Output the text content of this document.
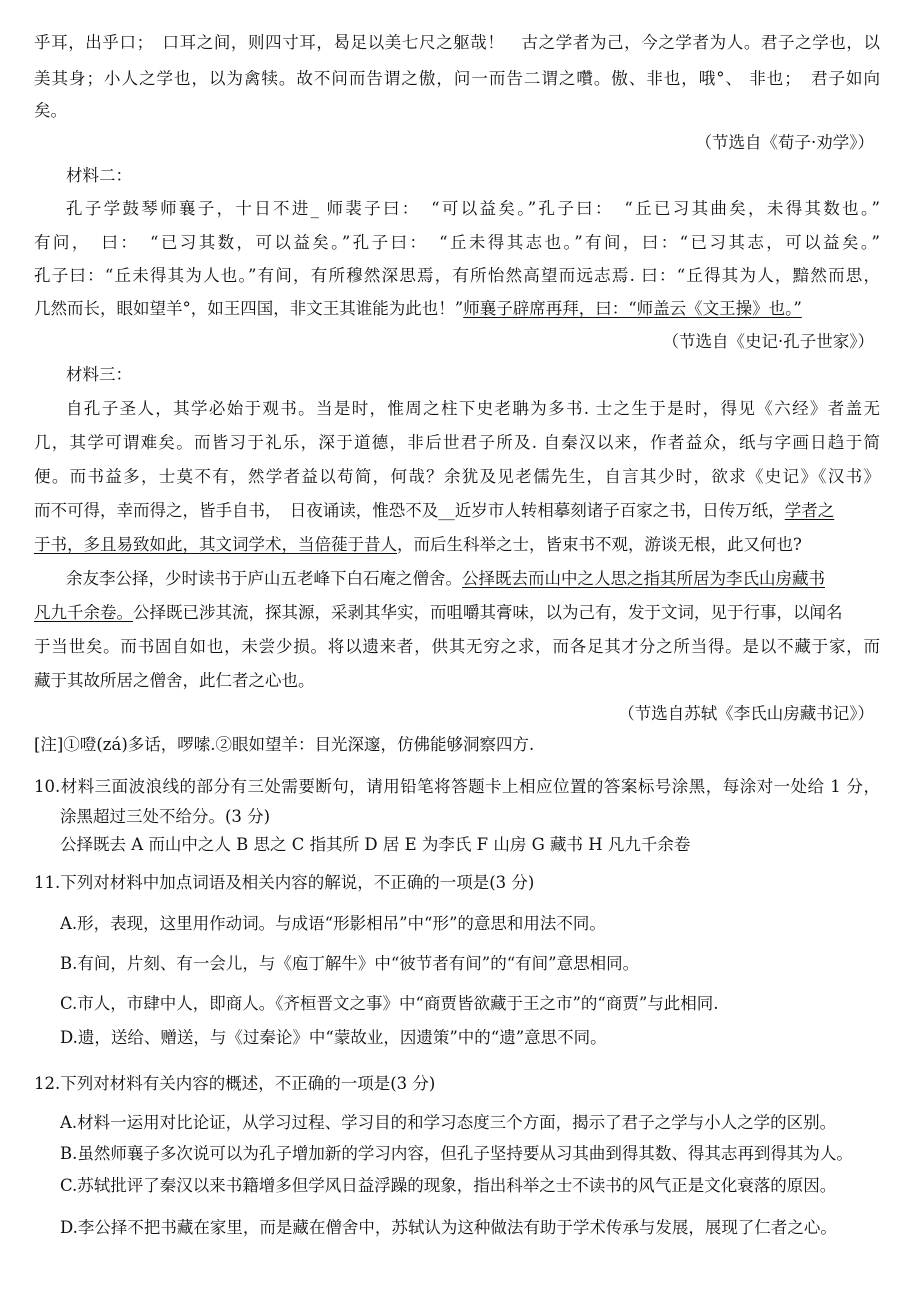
乎耳，出乎口；　口耳之间，则四寸耳，曷足以美七尺之躯哉！　古之学者为己，今之学者为人。君子之学也，以
美其身；小人之学也，以为禽犊。故不问而告谓之傲，问一而告二谓之囋。傲、非也，哦°、 非也；　君子如向
矣。
（节选自《荀子·劝学》）
材料二：
孔子学鼓琴师襄子，十日不进_ 师裴子曰：　“可以益矣。”孔子曰：　“丘已习其曲矣，未得其数也。”
有问，　曰：　“已习其数，可以益矣。”孔子曰：　“丘未得其志也。”有间，曰：“已习其志，可以益矣。”
孔子曰：“丘未得其为人也。”有间，有所穆然深思焉，有所怡然高望而远志焉. 曰：“丘得其为人，黯然而思，
几然而长，眼如望羊°，如王四国，非文王其谁能为此也！”师襄子辟席再拜，曰：“师盖云《文王操》也。”
（节选自《史记·孔子世家》）
材料三：
自孔子圣人，其学必始于观书。当是时，惟周之柱下史老聃为多书. 士之生于是时，得见《六经》者盖无
几，其学可谓难矣。而皆习于礼乐，深于道德，非后世君子所及. 自秦汉以来，作者益众，纸与字画日趋于简
便。而书益多，士莫不有，然学者益以苟简，何哉？余犹及见老儒先生，自言其少时，欲求《史记》《汉书》
而不可得，幸而得之，皆手自书，　日夜诵读，惟恐不及__近岁市人转相摹刻诸子百家之书，日传万纸，学者之
于书，多且易致如此，其文词学术，当倍蓰于昔人，而后生科举之士，皆束书不观，游谈无根，此又何也?
余友李公择，少时读书于庐山五老峰下白石庵之僧舍。公择既去而山中之人思之指其所居为李氏山房藏书
凡九千余卷。公择既已涉其流，探其源，采剥其华实，而咀嚼其膏味，以为己有，发于文词，见于行事，以闻名
于当世矣。而书固自如也，未尝少损。将以遗来者，供其无穷之求，而各足其才分之所当得。是以不藏于家，而
藏于其故所居之僧舍，此仁者之心也。
（节选自苏轼《李氏山房藏书记》）
[注]①噔(zá)多话，啰嗦.②眼如望羊：目光深邃，仿佛能够洞察四方.
10.材料三面波浪线的部分有三处需要断句，请用铅笔将答题卡上相应位置的答案标号涂黑，每涂对一处给 1 分，
涂黑超过三处不给分。(3 分)
公择既去 A 而山中之人 B 思之 C 指其所 D 居 E 为李氏 F 山房 G 藏书 H 凡九千余卷
11.下列对材料中加点词语及相关内容的解说，不正确的一项是(3 分)
A.形，表现，这里用作动词。与成语“形影相吊”中“形”的意思和用法不同。
B.有间，片刻、有一会儿，与《庖丁解牛》中“彼节者有间”的“有间”意思相同。
C.市人，市肆中人，即商人。《齐桓晋文之事》中“商贾皆欲藏于王之市”的“商贾”与此相同.
D.遗，送给、赠送，与《过秦论》中“蒙故业，因遗策”中的“遗”意思不同。
12.下列对材料有关内容的概述，不正确的一项是(3 分)
A.材料一运用对比论证，从学习过程、学习目的和学习态度三个方面，揭示了君子之学与小人之学的区别。
B.虽然师襄子多次说可以为孔子增加新的学习内容，但孔子坚持要从习其曲到得其数、得其志再到得其为人。
C.苏轼批评了秦汉以来书籍增多但学风日益浮躁的现象，指出科举之士不读书的风气正是文化衰落的原因。
D.李公择不把书藏在家里，而是藏在僧舍中，苏轼认为这种做法有助于学术传承与发展，展现了仁者之心。
